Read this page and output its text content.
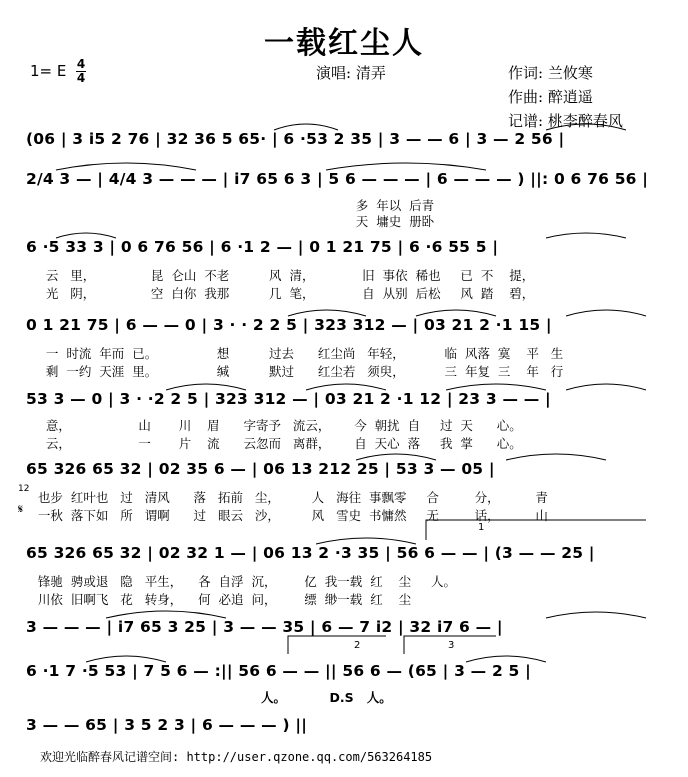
一载红尘人
1= E 4
4	演唱: 清弄	作词: 兰攸寒
作曲: 醉逍遥
记谱: 桃李醉春风
(06 | 3 i5 2 76 | 32 36 5 65· | 6 ·53 2 35 | 3 — — 6 | 3 — 2 56 |
2/4 3 — | 4/4 3 — — — | i7 65 6 3 | 5 6 — — — | 6 — — — ) ||: 0 6 76 56 |
多  年以  后青
天  墉史  册卧
6 ·5 33 3 | 0 6 76 56 | 6 ·1 2 — | 0 1 21 75 | 6 ·6 55 5 |
云   里，              昆  仑山  不老          风  清，            旧  事依  稀也     已  不    提，
光   阴，              空  白你  我那          几  笔，            自  从别  后松     风  踏    碧，
0 1 21 75 | 6 — — 0 | 3 · · 2 2 5 | 323 312 — | 03 21 2 ·1 15 |
一  时流  年而  已。               想          过去      红尘尚   年轻，          临  风落  寞    平   生
剩  一约  天涯  里。               缄          默过      红尘若   须臾，          三  年复  三    年   行
53 3 — 0 | 3 · ·2 2 5 | 323 312 — | 03 21 2 ·1 12 | 23 3 — — |
意，                 山       川    眉      字寄予   流云，      今  朝扰  自     过  天      心。
云，                 一       片    流      云忽而   离群，      自  天心  落     我  掌      心。
65 326 65 32 | 02 35 6 — | 06 13 212 25 | 53 3 — 05 |
也步  红叶也   过   清风      落   拓前   尘，        人   海往  事飘零     合         分，         青
一秋  落下如   所   谓啊      过   眼云   沙，        风   雪史  书慵然     无         话，         山
12
𝄋
1
65 326 65 32 | 02 32 1 — | 06 13 2 ·3 35 | 56 6 — — | (3 — — 25 |
锋驰  骋或退   隐   平生，    各  自浮  沉，       亿  我一载  红    尘     人。
川依  旧啊飞   花   转身，    何  必追  问，       缥  缈一载  红    尘
3 — — — | i7 65 3 25 | 3 — — 35 | 6 — 7 i2 | 32 i7 6 — |
2	3
6 ·1 7 ·5 53 | 7 5 6 — :|| 56 6 — — || 56 6 — (65 | 3 — 2 5 |
人。          D.S   人。
3 — — 65 | 3 5 2 3 | 6 — — — ) ||
欢迎光临醉春风记谱空间: http://user.qzone.qq.com/563264185
